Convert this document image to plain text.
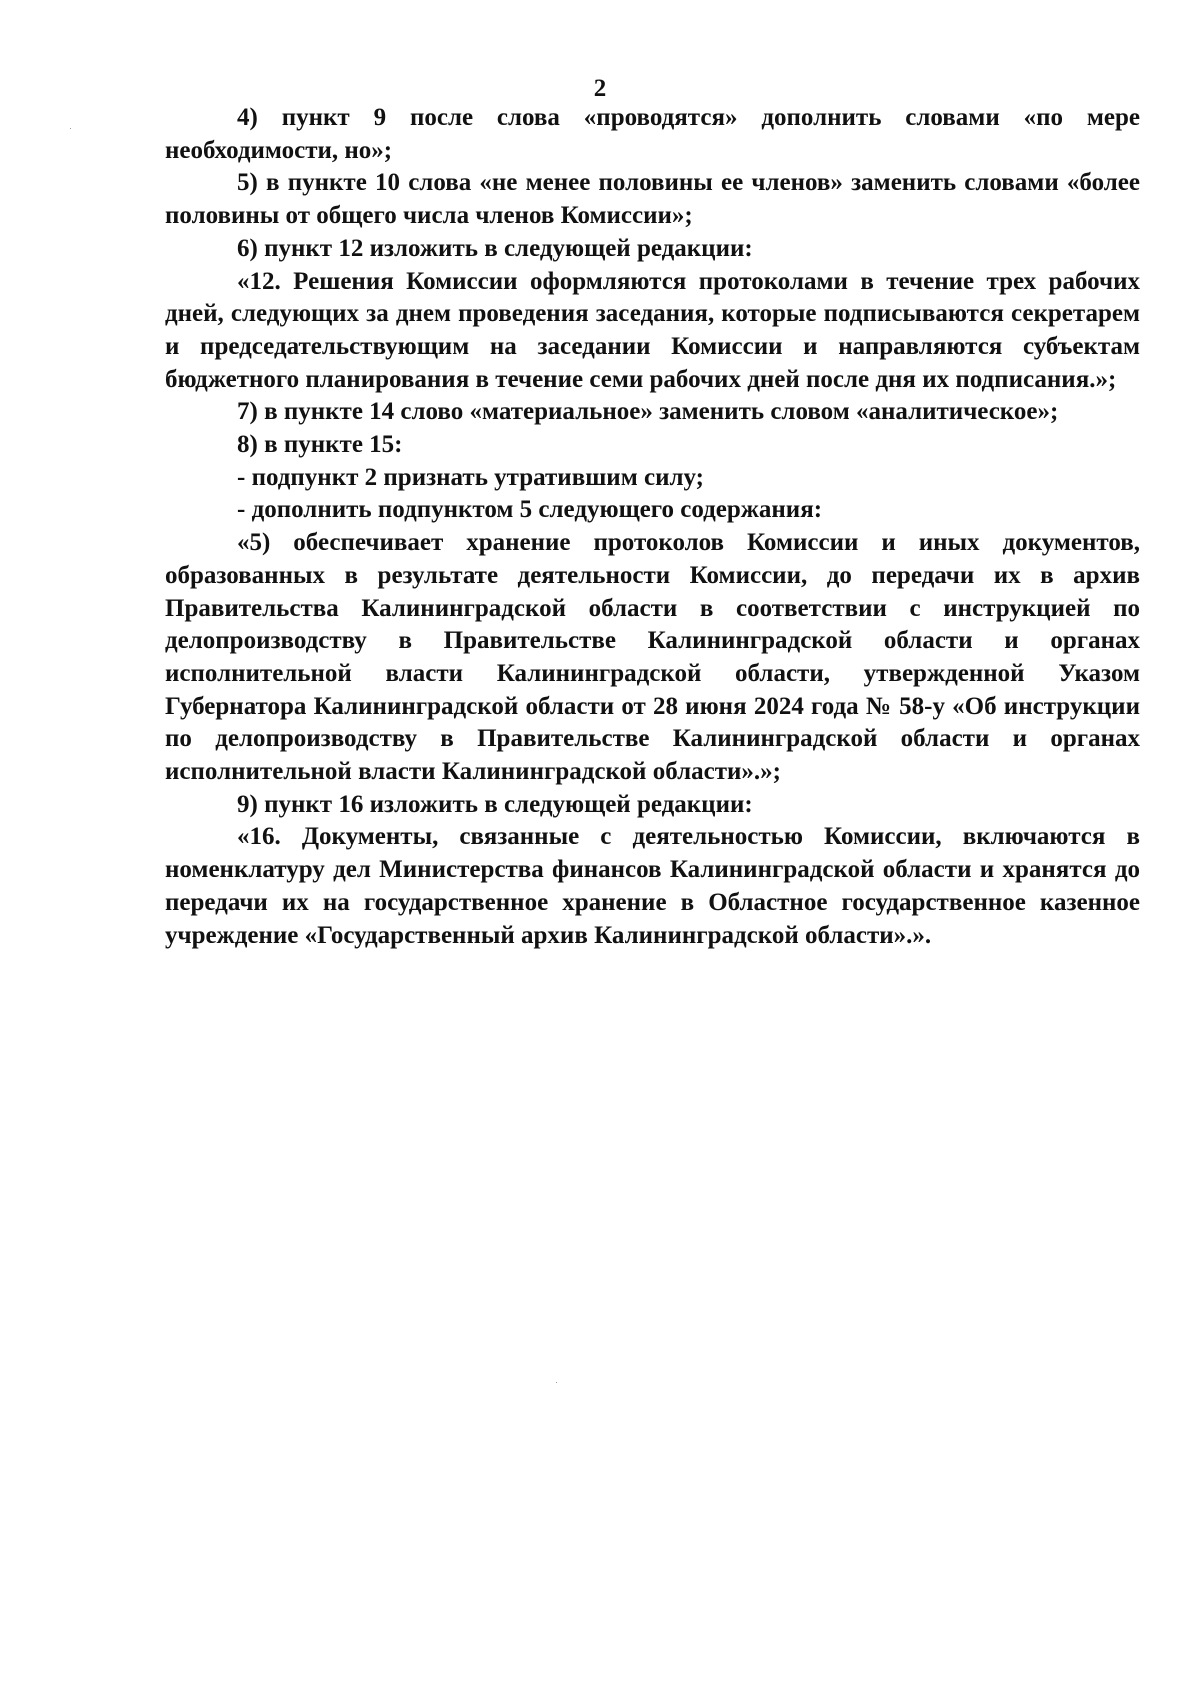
2

4) пункт 9 после слова «проводятся» дополнить словами «по мере необходимости, но»;

5) в пункте 10 слова «не менее половины ее членов» заменить словами «более половины от общего числа членов Комиссии»;

6) пункт 12 изложить в следующей редакции:

«12. Решения Комиссии оформляются протоколами в течение трех рабочих дней, следующих за днем проведения заседания, которые подписываются секретарем и председательствующим на заседании Комиссии и направляются субъектам бюджетного планирования в течение семи рабочих дней после дня их подписания.»;

7) в пункте 14 слово «материальное» заменить словом «аналитическое»;

8) в пункте 15:

- подпункт 2 признать утратившим силу;

- дополнить подпунктом 5 следующего содержания:

«5) обеспечивает хранение протоколов Комиссии и иных документов, образованных в результате деятельности Комиссии, до передачи их в архив Правительства Калининградской области в соответствии с инструкцией по делопроизводству в Правительстве Калининградской области и органах исполнительной власти Калининградской области, утвержденной Указом Губернатора Калининградской области от 28 июня 2024 года № 58-у «Об инструкции по делопроизводству в Правительстве Калининградской области и органах исполнительной власти Калининградской области».»;

9) пункт 16 изложить в следующей редакции:

«16. Документы, связанные с деятельностью Комиссии, включаются в номенклатуру дел Министерства финансов Калининградской области и хранятся до передачи их на государственное хранение в Областное государственное казенное учреждение «Государственный архив Калининградской области».».
